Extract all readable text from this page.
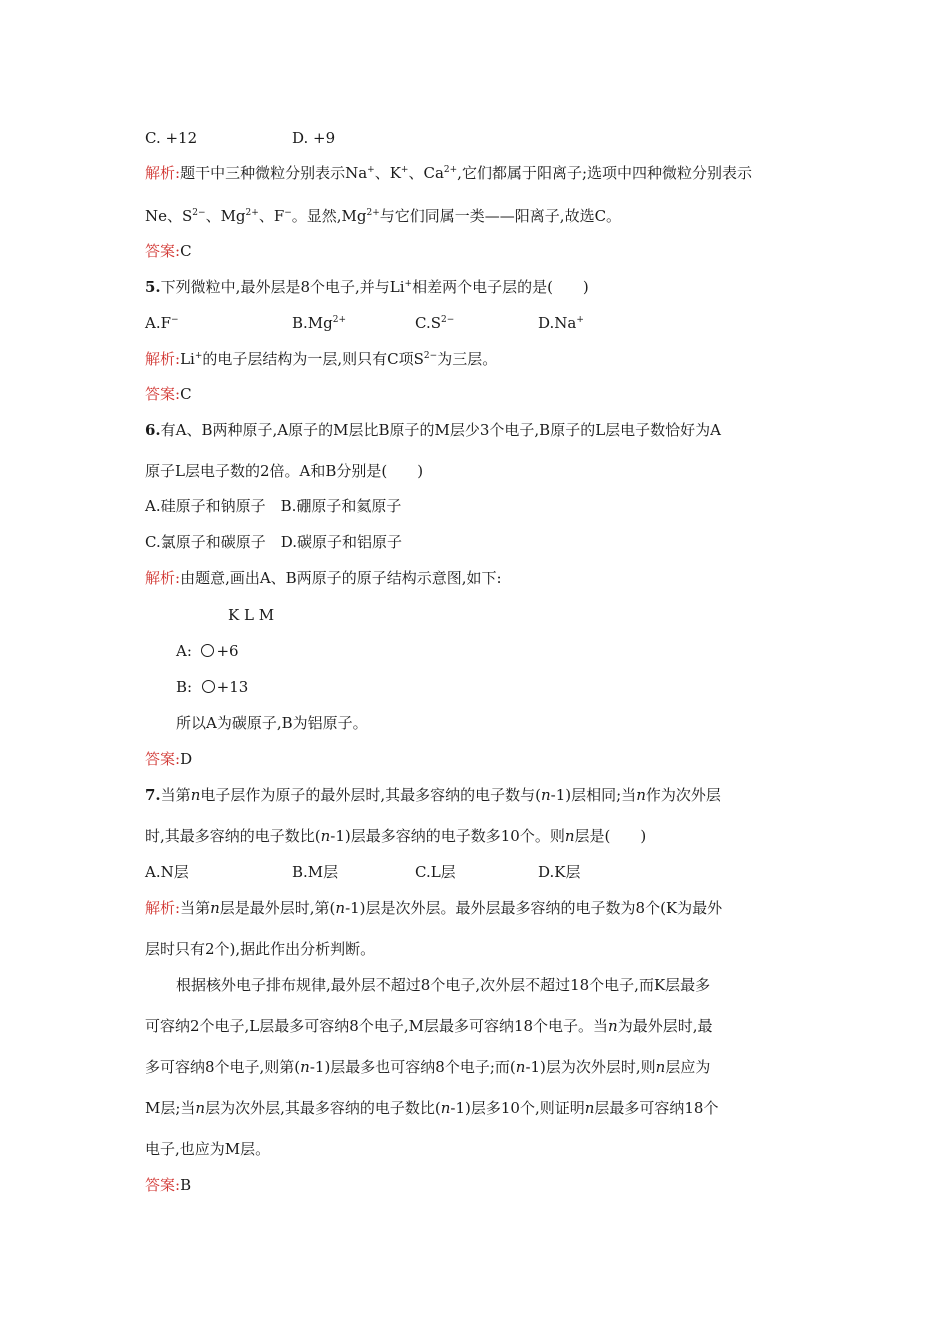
C. +12	D. +9
解析:题干中三种微粒分别表示Na+、K+、$Ca^{2+}$,它们都属于阳离子;选项中四种微粒分别表示
Ne、$S^{2-}$、$Mg^{2+}$、F−。显然$,Mg^{2+}$与它们同属一类——阳离子,故选C。
答案:C
5.下列微粒中,最外层是8个电子,并与Li+相差两个电子层的是(　　)
A.F−	$B.Mg^{2+}$	$C.S^{2-}$	D.Na+
解析:Li+的电子层结构为一层,则只有C项$S^{2-}$为三层。
答案:C
6.有A、B两种原子,A原子的M层比B原子的M层少3个电子,B原子的L层电子数恰好为A
原子L层电子数的2倍。A和B分别是(　　)
A.硅原子和钠原子　B.硼原子和氦原子
C.氯原子和碳原子　D.碳原子和铝原子
解析:由题意,画出A、B两原子的原子结构示意图,如下:
K L M
A: +6
B: +13
所以A为碳原子,B为铝原子。
答案:D
7.当第n电子层作为原子的最外层时,其最多容纳的电子数与(n-1)层相同;当n作为次外层
时,其最多容纳的电子数比(n-1)层最多容纳的电子数多10个。则n层是(　　)
A.N层	B.M层	C.L层	D.K层
解析:当第n层是最外层时,第(n-1)层是次外层。最外层最多容纳的电子数为8个(K为最外
层时只有2个),据此作出分析判断。
根据核外电子排布规律,最外层不超过8个电子,次外层不超过18个电子,而K层最多
可容纳2个电子,L层最多可容纳8个电子,M层最多可容纳18个电子。当n为最外层时,最
多可容纳8个电子,则第(n-1)层最多也可容纳8个电子;而(n-1)层为次外层时,则n层应为
M层;当n层为次外层,其最多容纳的电子数比(n-1)层多10个,则证明n层最多可容纳18个
电子,也应为M层。
答案:B
